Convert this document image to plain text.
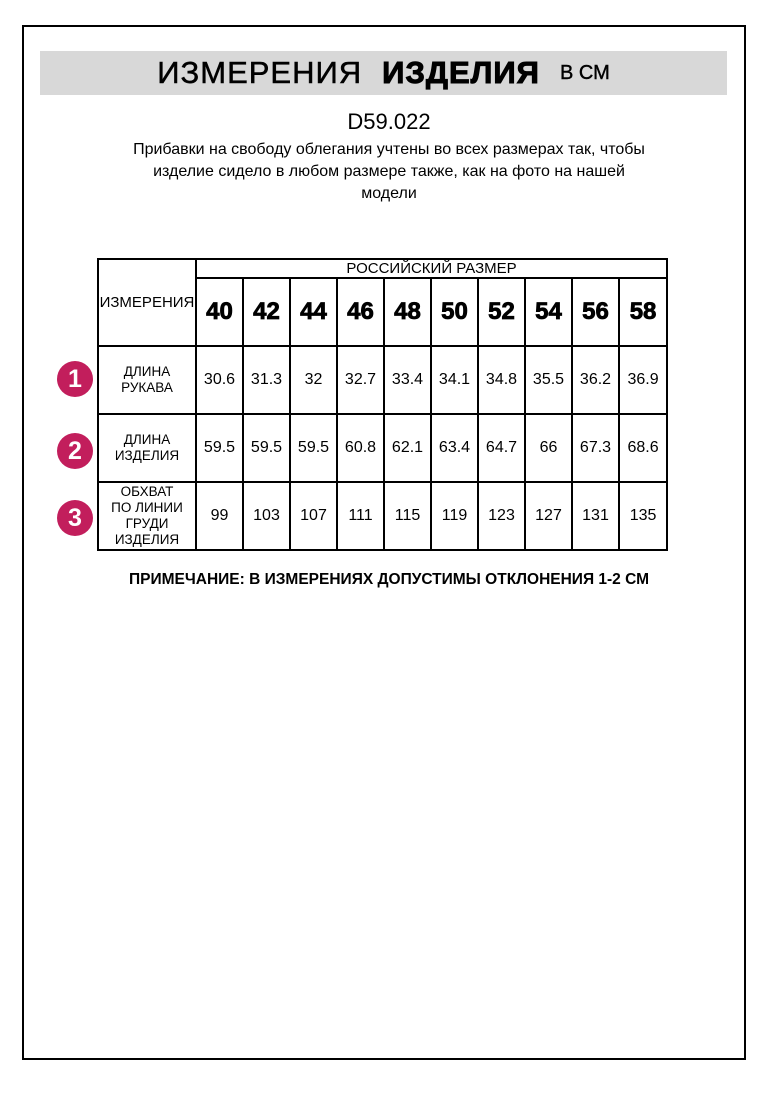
ИЗМЕРЕНИЯ ИЗДЕЛИЯ В СМ
D59.022
Прибавки на свободу облегания учтены во всех размерах так, чтобы
изделие сидело в любом размере также, как на фото на нашей
модели
ИЗМЕРЕНИЯ	РОССИЙСКИЙ РАЗМЕР									
	40	42	44	46	48	50	52	54	56	58
ДЛИНА РУКАВА	30.6	31.3	32	32.7	33.4	34.1	34.8	35.5	36.2	36.9
ДЛИНА ИЗДЕЛИЯ	59.5	59.5	59.5	60.8	62.1	63.4	64.7	66	67.3	68.6
ОБХВАТ ПО ЛИНИИ ГРУДИ ИЗДЕЛИЯ	99	103	107	111	115	119	123	127	131	135
1
2
3
ПРИМЕЧАНИЕ: В ИЗМЕРЕНИЯХ ДОПУСТИМЫ ОТКЛОНЕНИЯ 1-2 СМ
